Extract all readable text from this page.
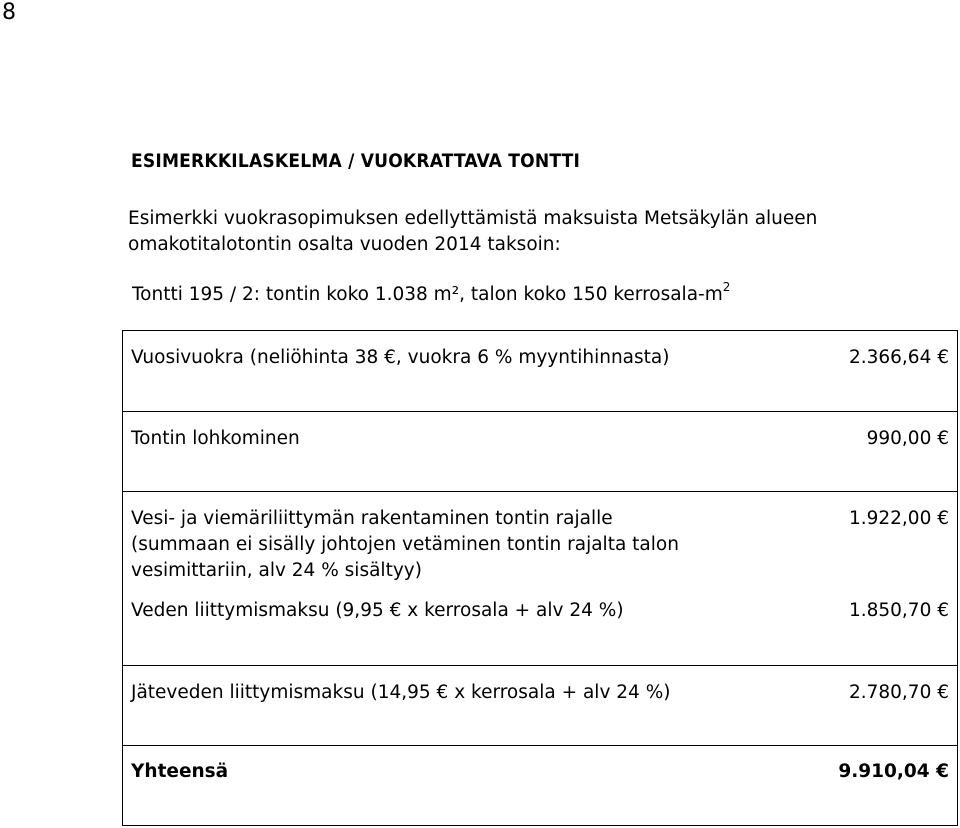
8
ESIMERKKILASKELMA / VUOKRATTAVA TONTTI

Esimerkki vuokrasopimuksen edellyttämistä maksuista Metsäkylän alueen

omakotitalotontin osalta vuoden 2014 taksoin:

Tontti 195 / 2: tontin koko 1.038 m², talon koko 150 kerrosala-$m^2$
Vuosivuokra (neliöhinta 38 €, vuokra 6 % myyntihinnasta)	2.366,64 €
Tontin lohkominen	990,00 €
Vesi- ja viemäriliittymän rakentaminen tontin rajalle
(summaan ei sisälly johtojen vetäminen tontin rajalta talon
vesimittariin, alv 24 % sisältyy)
1.922,00 €
Veden liittymismaksu (9,95 € x kerrosala + alv 24 %)	1.850,70 €
Jäteveden liittymismaksu (14,95 € x kerrosala + alv 24 %)	2.780,70 €
Yhteensä	9.910,04 €
